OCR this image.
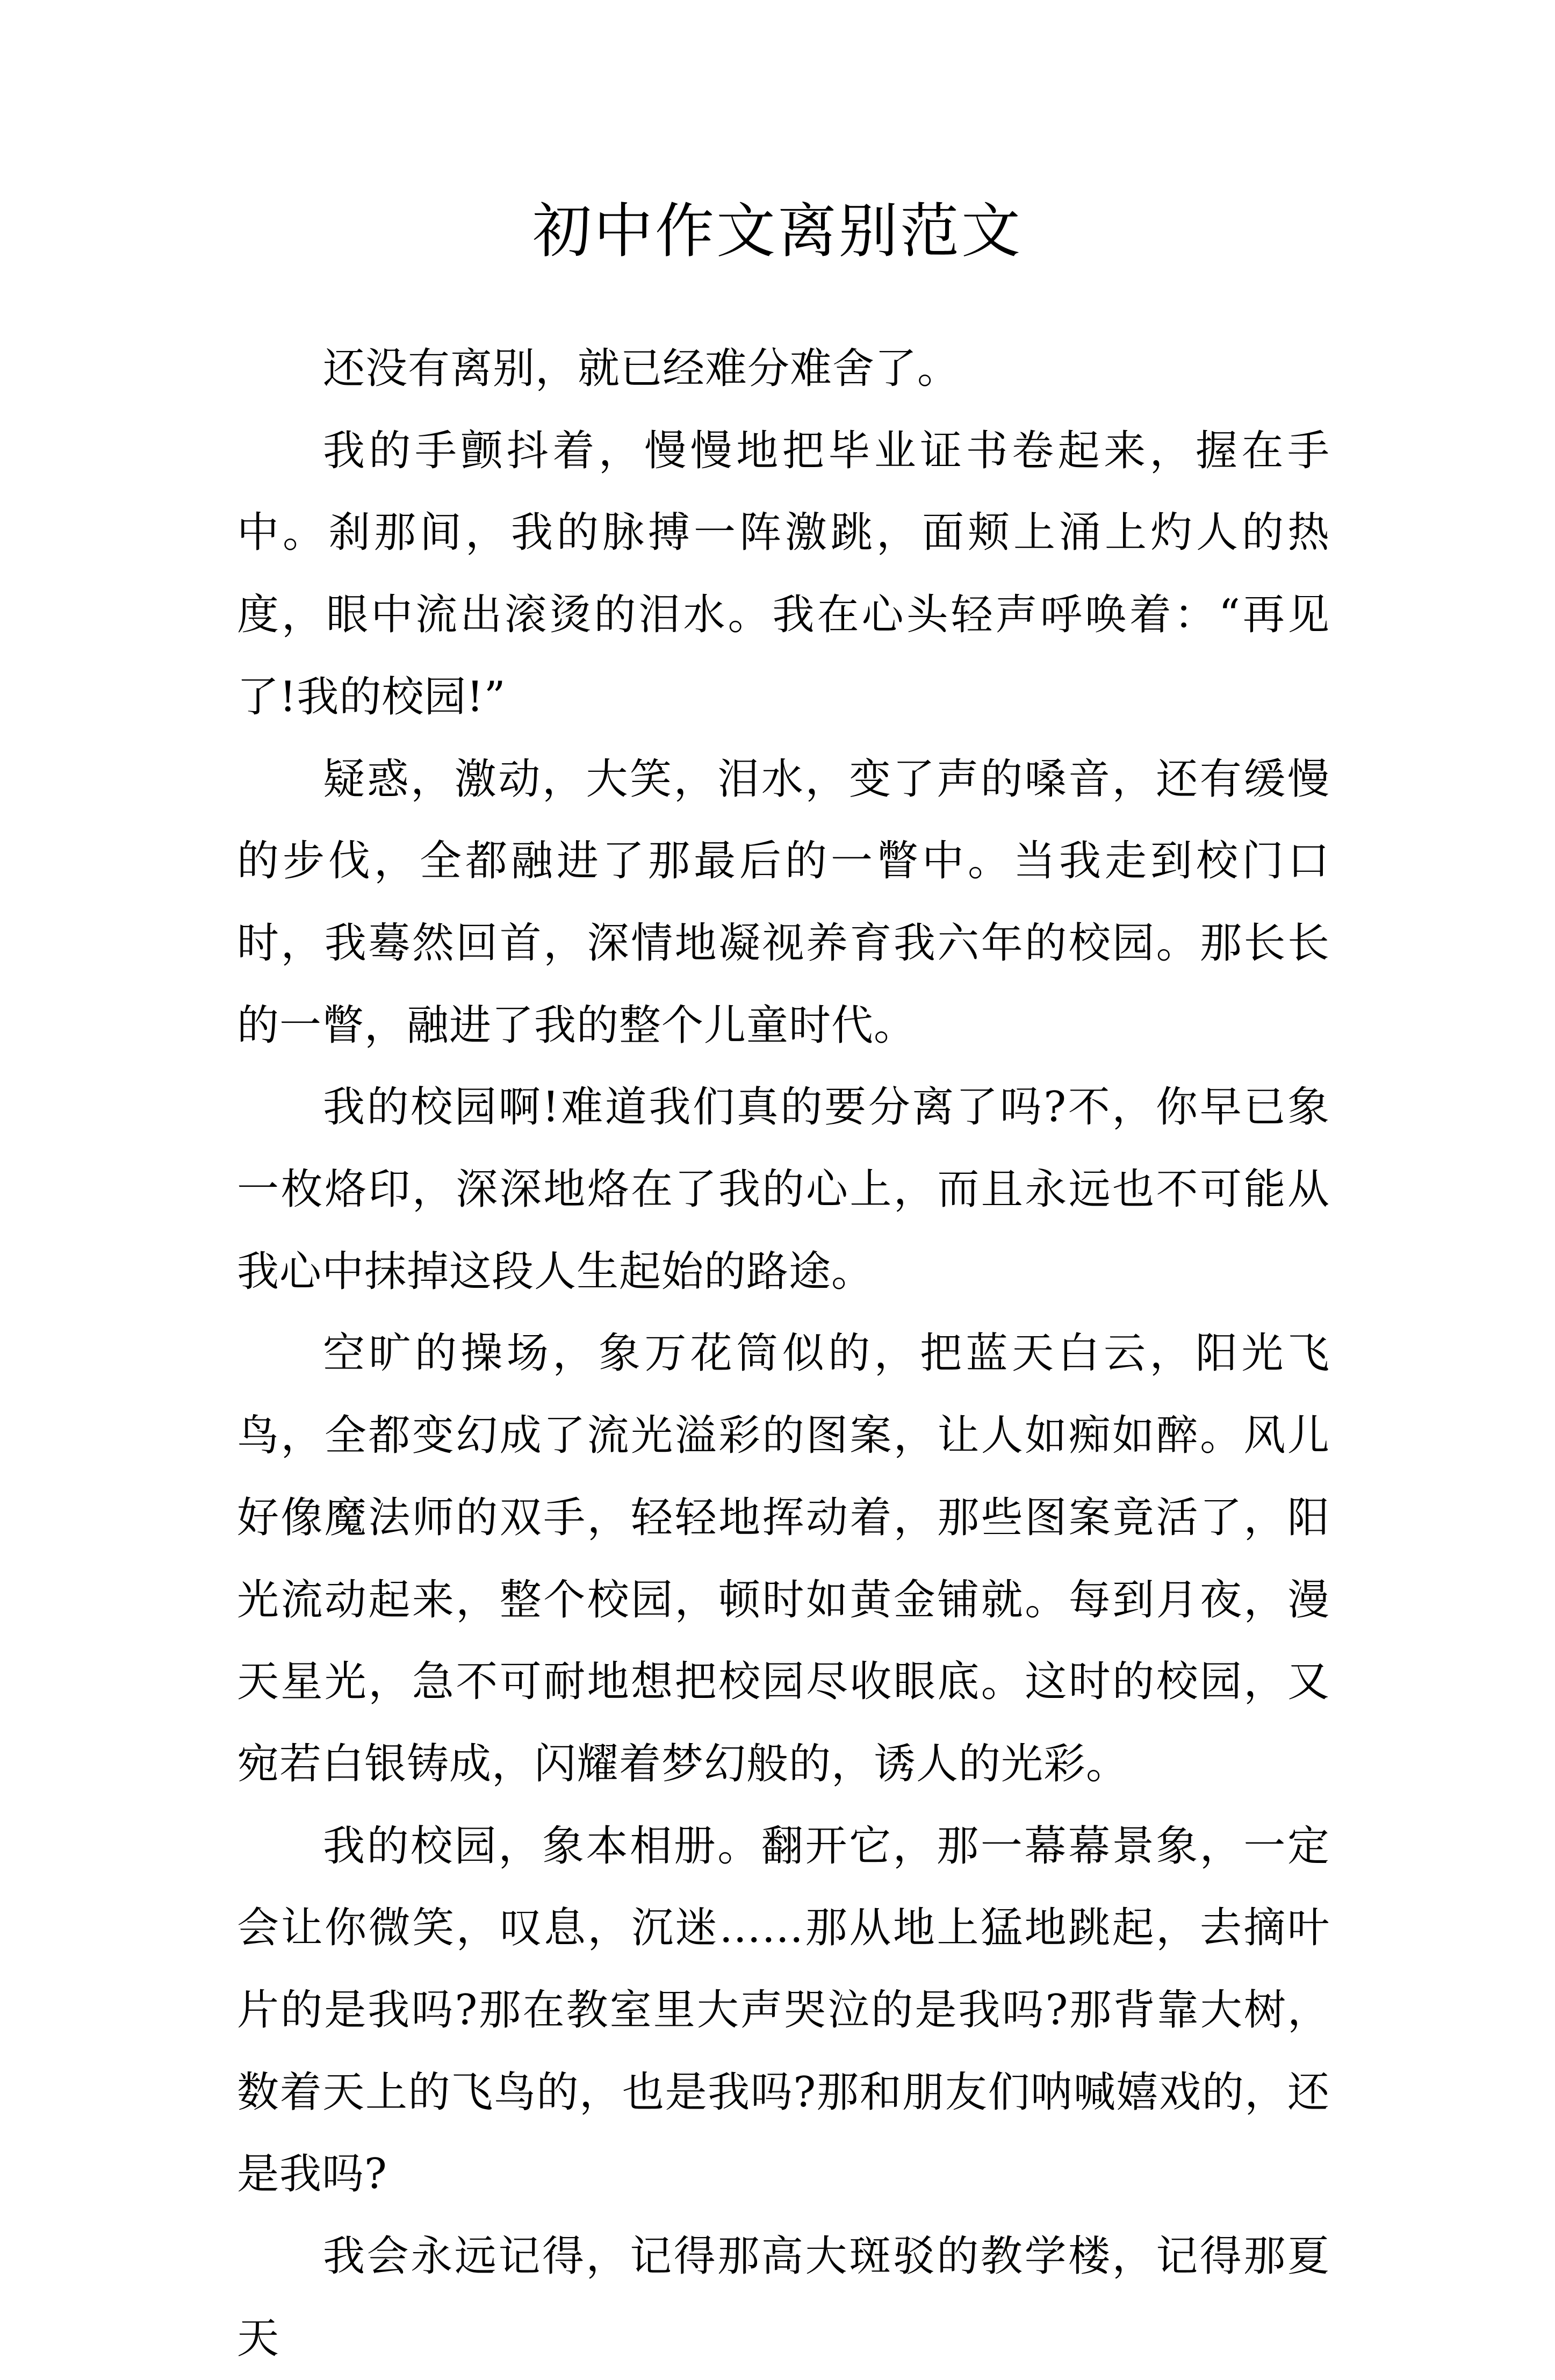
初中作文离别范文

还没有离别，就已经难分难舍了。

我的手颤抖着，慢慢地把毕业证书卷起来，握在手中。刹那间，我的脉搏一阵激跳，面颊上涌上灼人的热度，眼中流出滚烫的泪水。我在心头轻声呼唤着：“再见了!我的校园!”

疑惑，激动，大笑，泪水，变了声的嗓音，还有缓慢的步伐，全都融进了那最后的一瞥中。当我走到校门口时，我蓦然回首，深情地凝视养育我六年的校园。那长长的一瞥，融进了我的整个儿童时代。

我的校园啊!难道我们真的要分离了吗?不，你早已象一枚烙印，深深地烙在了我的心上，而且永远也不可能从我心中抹掉这段人生起始的路途。

空旷的操场，象万花筒似的，把蓝天白云，阳光飞鸟，全都变幻成了流光溢彩的图案，让人如痴如醉。风儿好像魔法师的双手，轻轻地挥动着，那些图案竟活了，阳光流动起来，整个校园，顿时如黄金铺就。每到月夜，漫天星光，急不可耐地想把校园尽收眼底。这时的校园，又宛若白银铸成，闪耀着梦幻般的，诱人的光彩。

我的校园，象本相册。翻开它，那一幕幕景象，一定会让你微笑，叹息，沉迷……那从地上猛地跳起，去摘叶片的是我吗?那在教室里大声哭泣的是我吗?那背靠大树，数着天上的飞鸟的，也是我吗?那和朋友们呐喊嬉戏的，还是我吗?

我会永远记得，记得那高大斑驳的教学楼，记得那夏天
